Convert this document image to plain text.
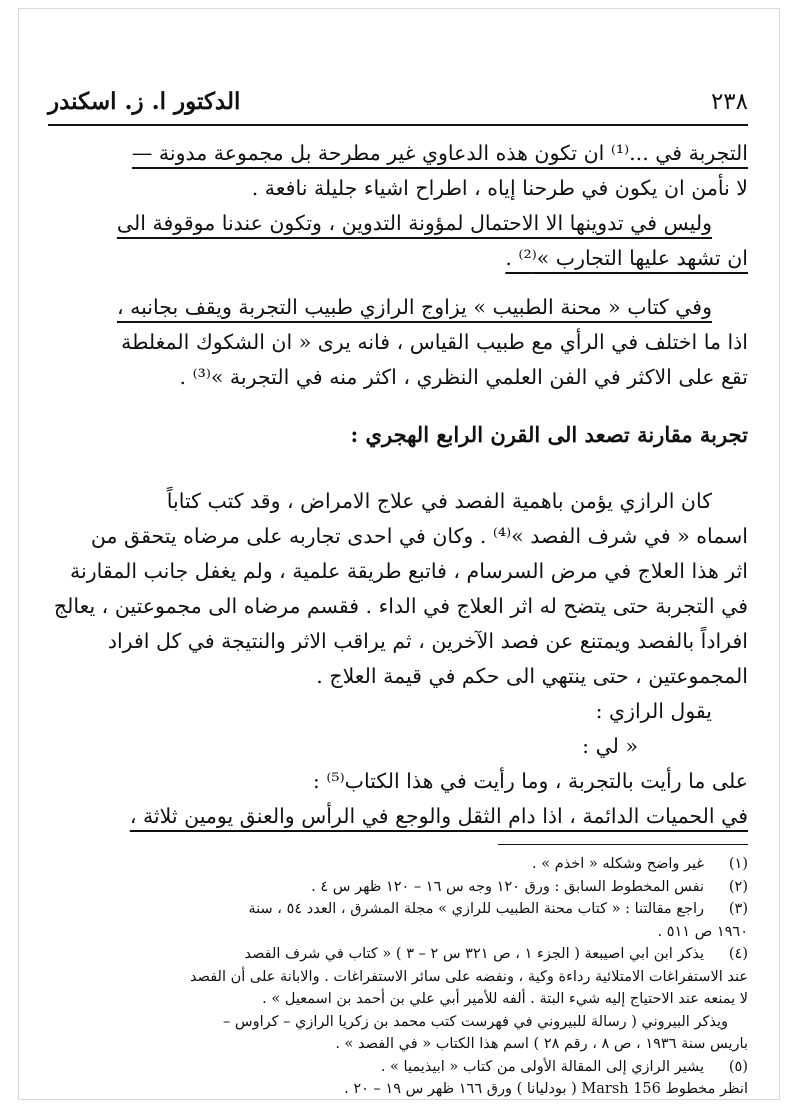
٢٣٨
الدكتور ا. ز. اسكندر

التجربة في ...⁽¹⁾ ان تكون هذه الدعاوي غير مطرحة بل مجموعة مدونة —

لا نأمن ان يكون في طرحنا إياه ، اطراح اشياء جليلة نافعة .

وليس في تدوينها الا الاحتمال لمؤونة التدوين ، وتكون عندنا موقوفة الى

ان تشهد عليها التجارب »⁽²⁾ .

وفي كتاب « محنة الطبيب » يزاوج الرازي طبيب التجربة ويقف بجانبه ،

اذا ما اختلف في الرأي مع طبيب القياس ، فانه يرى « ان الشكوك المغلطة

تقع على الاكثر في الفن العلمي النظري ، اكثر منه في التجربة »⁽³⁾ .

تجربة مقارنة تصعد الى القرن الرابع الهجري :

كان الرازي يؤمن باهمية الفصد في علاج الامراض ، وقد كتب كتاباً

اسماه « في شرف الفصد »⁽⁴⁾ . وكان في احدى تجاربه على مرضاه يتحقق من

اثر هذا العلاج في مرض السرسام ، فاتبع طريقة علمية ، ولم يغفل جانب المقارنة

في التجربة حتى يتضح له اثر العلاج في الداء . فقسم مرضاه الى مجموعتين ، يعالج

افراداً بالفصد ويمتنع عن فصد الآخرين ، ثم يراقب الاثر والنتيجة في كل افراد

المجموعتين ، حتى ينتهي الى حكم في قيمة العلاج .

يقول الرازي :

« لي :

على ما رأيت بالتجربة ، وما رأيت في هذا الكتاب⁽⁵⁾ :

في الحميات الدائمة ، اذا دام الثقل والوجع في الرأس والعنق يومين ثلاثة ،

(١)غير واضح وشكله « اخذم » .

(٢)نفس المخطوط السابق : ورق ١٢٠ وجه س ١٦ – ١٢٠ ظهر س ٤ .

(٣)راجع مقالتنا : « كتاب محنة الطبيب للرازي » مجلة المشرق ، العدد ٥٤ ، سنة

١٩٦٠ ص ٥١١ .

(٤)يذكر ابن ابي اصيبعة ( الجزء ١ ، ص ٣٢١ س ٢ – ٣ ) « كتاب في شرف الفصد

عند الاستفراغات الامتلائية رداءة وكية ، ونفضه على سائر الاستفراغات . والابانة على أن الفصد

لا يمنعه عند الاحتياج إليه شيء البتة . ألفه للأمير أبي علي بن أحمد بن اسمعيل » .

ويذكر البيروني ( رسالة للبيروني في فهرست كتب محمد بن زكريا الرازي – كراوس –

باريس سنة ١٩٣٦ ، ص ٨ ، رقم ٢٨ ) اسم هذا الكتاب « في الفصد » .

(٥)يشير الرازي إلى المقالة الأولى من كتاب « ابيذيميا » .

انظر مخطوط Marsh 156 ( بودليانا ) ورق ١٦٦ ظهر س ١٩ – ٢٠ .
